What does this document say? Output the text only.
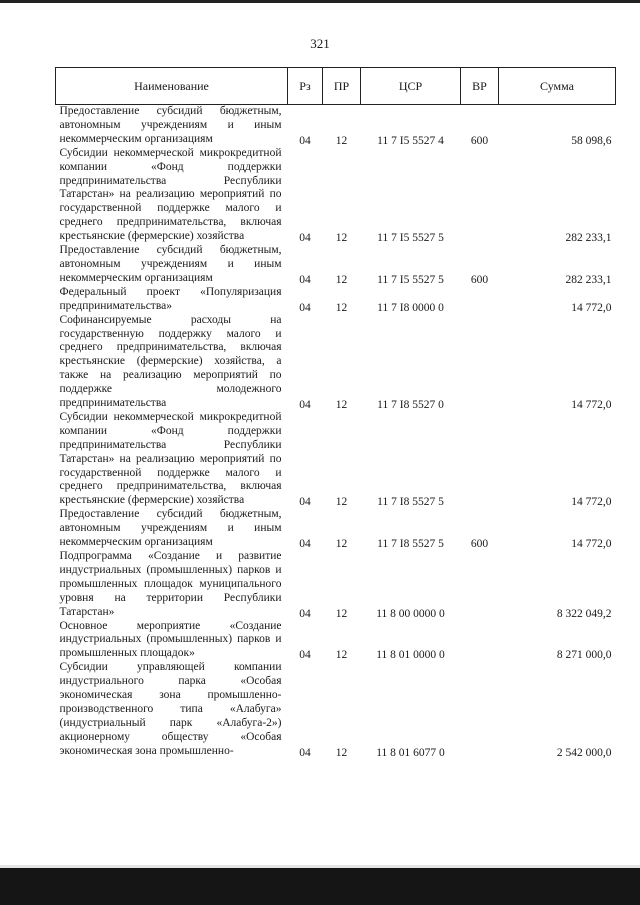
321
Наименование	Рз	ПР	ЦСР	ВР	Сумма
Предоставление субсидий бюджетным, автономным учреждениям и иным некоммерческим организациям	04	12	11 7 I5 5527 4	600	58 098,6
Субсидии некоммерческой микрокредитной компании «Фонд поддержки предпринимательства Республики Татарстан» на реализацию мероприятий по государственной поддержке малого и среднего предпринимательства, включая крестьянские (фермерские) хозяйства	04	12	11 7 I5 5527 5		282 233,1
Предоставление субсидий бюджетным, автономным учреждениям и иным некоммерческим организациям	04	12	11 7 I5 5527 5	600	282 233,1
Федеральный проект «Популяризация предпринимательства»	04	12	11 7 I8 0000 0		14 772,0
Софинансируемые расходы на государственную поддержку малого и среднего предпринимательства, включая крестьянские (фермерские) хозяйства, а также на реализацию мероприятий по поддержке молодежного предпринимательства	04	12	11 7 I8 5527 0		14 772,0
Субсидии некоммерческой микрокредитной компании «Фонд поддержки предпринимательства Республики Татарстан» на реализацию мероприятий по государственной поддержке малого и среднего предпринимательства, включая крестьянские (фермерские) хозяйства	04	12	11 7 I8 5527 5		14 772,0
Предоставление субсидий бюджетным, автономным учреждениям и иным некоммерческим организациям	04	12	11 7 I8 5527 5	600	14 772,0
Подпрограмма «Создание и развитие индустриальных (промышленных) парков и промышленных площадок муниципального уровня на территории Республики Татарстан»	04	12	11 8 00 0000 0		8 322 049,2
Основное мероприятие «Создание индустриальных (промышленных) парков и промышленных площадок»	04	12	11 8 01 0000 0		8 271 000,0
Субсидии управляющей компании индустриального парка «Особая экономическая зона промышленно-производственного типа «Алабуга» (индустриальный парк «Алабуга-2») акционерному обществу «Особая экономическая зона промышленно-	04	12	11 8 01 6077 0		2 542 000,0
